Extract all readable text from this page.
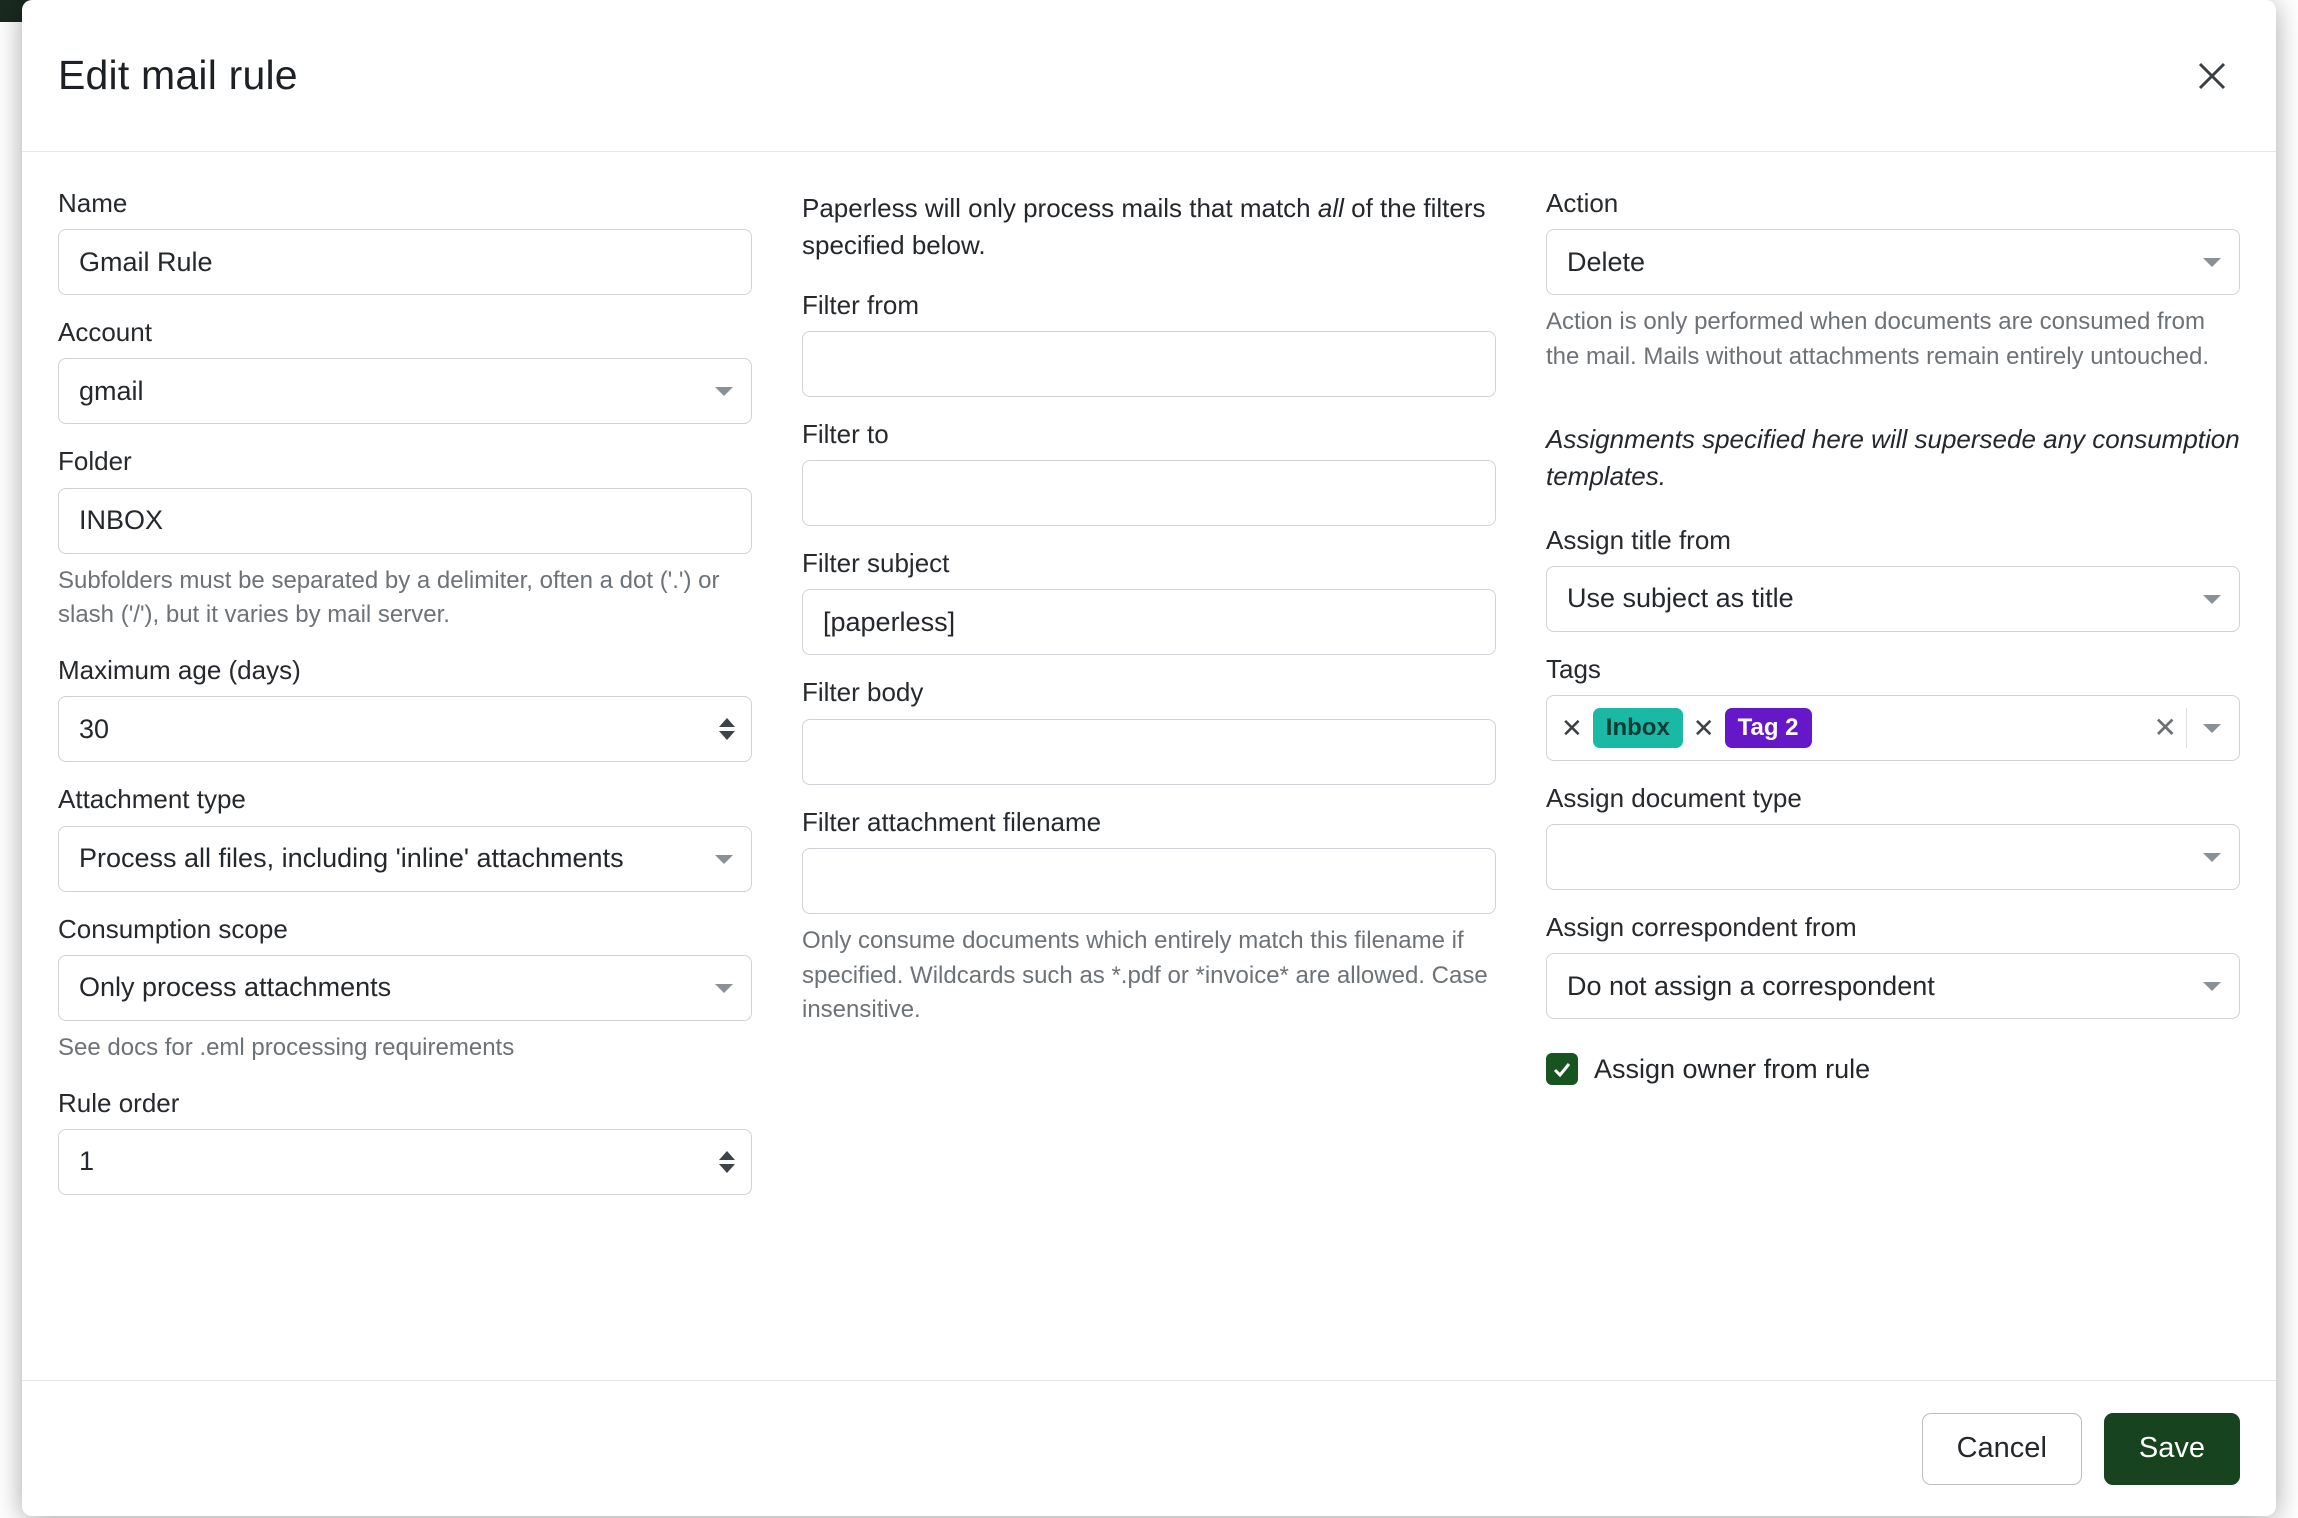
Edit mail rule
Name
Gmail Rule
Account
gmail
Folder
INBOX
Subfolders must be separated by a delimiter, often a dot ('.') or slash ('/'), but it varies by mail server.
Maximum age (days)
30
Attachment type
Process all files, including 'inline' attachments
Consumption scope
Only process attachments
See docs for .eml processing requirements
Rule order
1
Paperless will only process mails that match all of the filters specified below.
Filter from
Filter to
Filter subject
[paperless]
Filter body
Filter attachment filename
Only consume documents which entirely match this filename if specified. Wildcards such as *.pdf or *invoice* are allowed. Case insensitive.
Action
Delete
Action is only performed when documents are consumed from the mail. Mails without attachments remain entirely untouched.
Assignments specified here will supersede any consumption templates.
Assign title from
Use subject as title
Tags
✕ Inbox ✕ Tag 2	✕
Assign document type
Assign correspondent from
Do not assign a correspondent
Assign owner from rule
Cancel	Save
